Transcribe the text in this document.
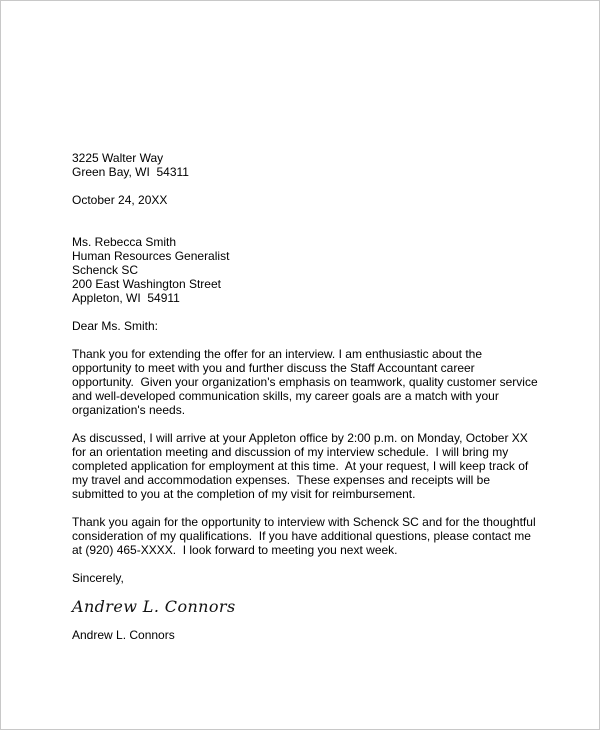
3225 Walter Way
Green Bay, WI  54311
October 24, 20XX
Ms. Rebecca Smith
Human Resources Generalist
Schenck SC
200 East Washington Street
Appleton, WI  54911
Dear Ms. Smith:
Thank you for extending the offer for an interview. I am enthusiastic about the
opportunity to meet with you and further discuss the Staff Accountant career
opportunity.  Given your organization's emphasis on teamwork, quality customer service
and well-developed communication skills, my career goals are a match with your
organization's needs.
As discussed, I will arrive at your Appleton office by 2:00 p.m. on Monday, October XX
for an orientation meeting and discussion of my interview schedule.  I will bring my
completed application for employment at this time.  At your request, I will keep track of
my travel and accommodation expenses.  These expenses and receipts will be
submitted to you at the completion of my visit for reimbursement.
Thank you again for the opportunity to interview with Schenck SC and for the thoughtful
consideration of my qualifications.  If you have additional questions, please contact me
at (920) 465-XXXX.  I look forward to meeting you next week.
Sincerely,
Andrew L. Connors
Andrew L. Connors
